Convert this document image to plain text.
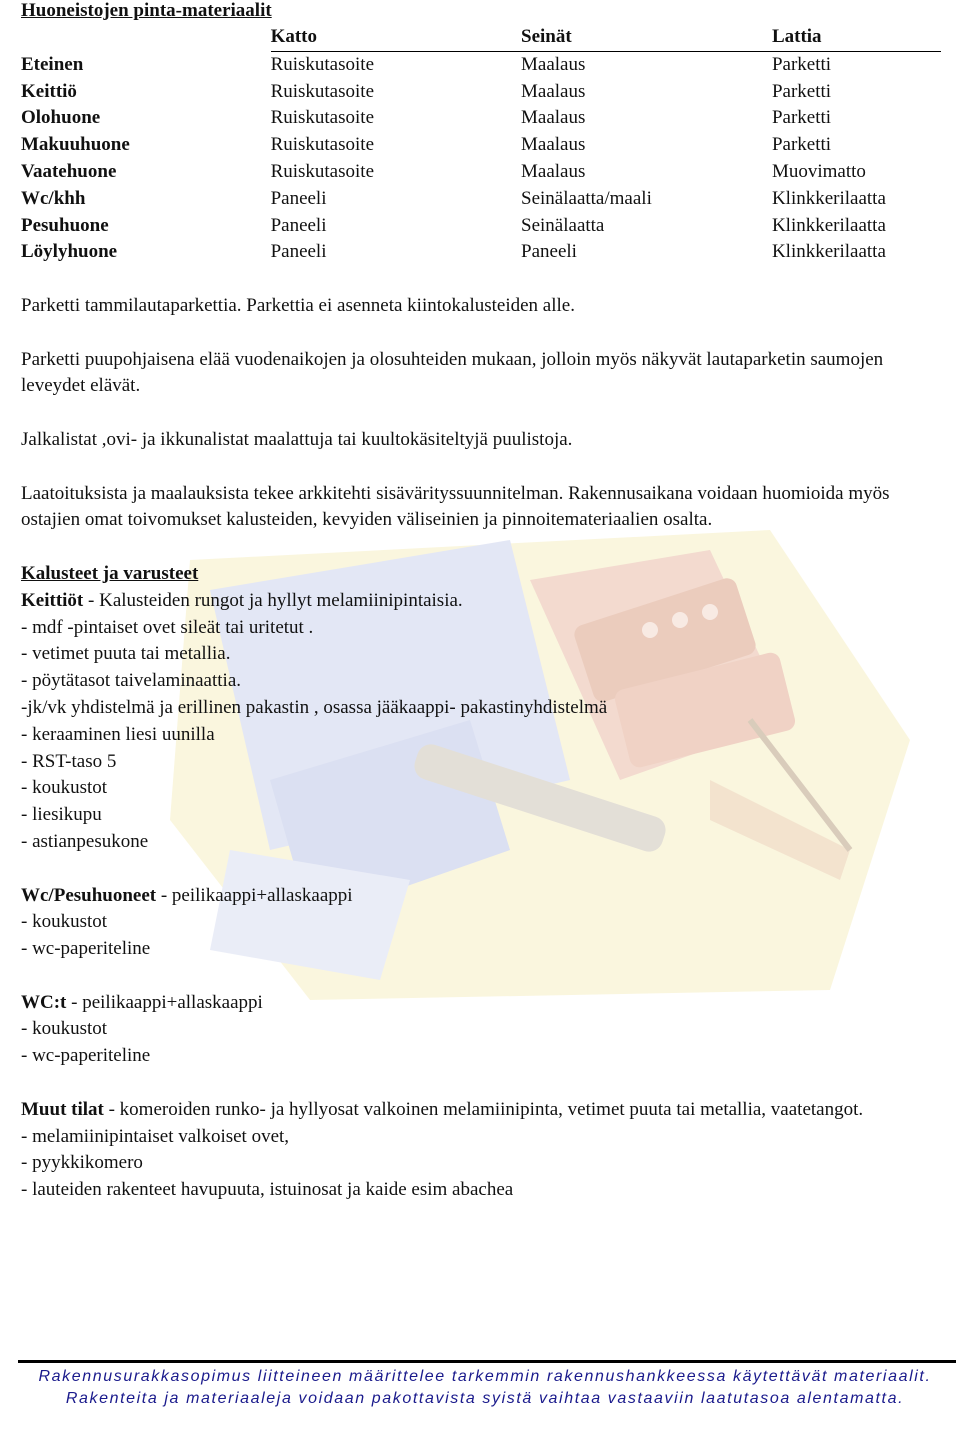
Huoneistojen pinta-materiaalit
	Katto	Seinät	Lattia
Eteinen	Ruiskutasoite	Maalaus	Parketti
Keittiö	Ruiskutasoite	Maalaus	Parketti
Olohuone	Ruiskutasoite	Maalaus	Parketti
Makuuhuone	Ruiskutasoite	Maalaus	Parketti
Vaatehuone	Ruiskutasoite	Maalaus	Muovimatto
Wc/khh	Paneeli	Seinälaatta/maali	Klinkkerilaatta
Pesuhuone	Paneeli	Seinälaatta	Klinkkerilaatta
Löylyhuone	Paneeli	Paneeli	Klinkkerilaatta

Parketti tammilautaparkettia. Parkettia ei asenneta kiintokalusteiden alle.

Parketti puupohjaisena elää vuodenaikojen ja olosuhteiden mukaan, jolloin myös näkyvät lautaparketin saumojen leveydet elävät.

Jalkalistat ,ovi- ja ikkunalistat maalattuja tai kuultokäsiteltyjä puulistoja.

Laatoituksista ja maalauksista tekee arkkitehti sisävärityssuunnitelman. Rakennusaikana voidaan huomioida myös ostajien omat toivomukset kalusteiden, kevyiden väliseinien ja pinnoitemateriaalien osalta.

Kalusteet ja varusteet

Keittiöt - Kalusteiden rungot ja hyllyt melamiinipintaisia.

- mdf -pintaiset ovet sileät tai uritetut .

- vetimet puuta tai metallia.

- pöytätasot taivelaminaattia.

-jk/vk yhdistelmä ja erillinen pakastin , osassa jääkaappi- pakastinyhdistelmä

- keraaminen liesi uunilla

- RST-taso 5

- koukustot

- liesikupu

- astianpesukone

Wc/Pesuhuoneet - peilikaappi+allaskaappi

- koukustot

- wc-paperiteline

WC:t - peilikaappi+allaskaappi

- koukustot

- wc-paperiteline

Muut tilat - komeroiden runko- ja hyllyosat valkoinen melamiinipinta, vetimet puuta tai metallia, vaatetangot.

- melamiinipintaiset valkoiset ovet,

- pyykkikomero

- lauteiden rakenteet havupuuta, istuinosat ja kaide esim abachea

Rakennusurakkasopimus liitteineen määrittelee tarkemmin rakennushankkeessa käytettävät materiaalit.
Rakenteita ja materiaaleja voidaan pakottavista syistä vaihtaa vastaaviin laatutasoa alentamatta.
